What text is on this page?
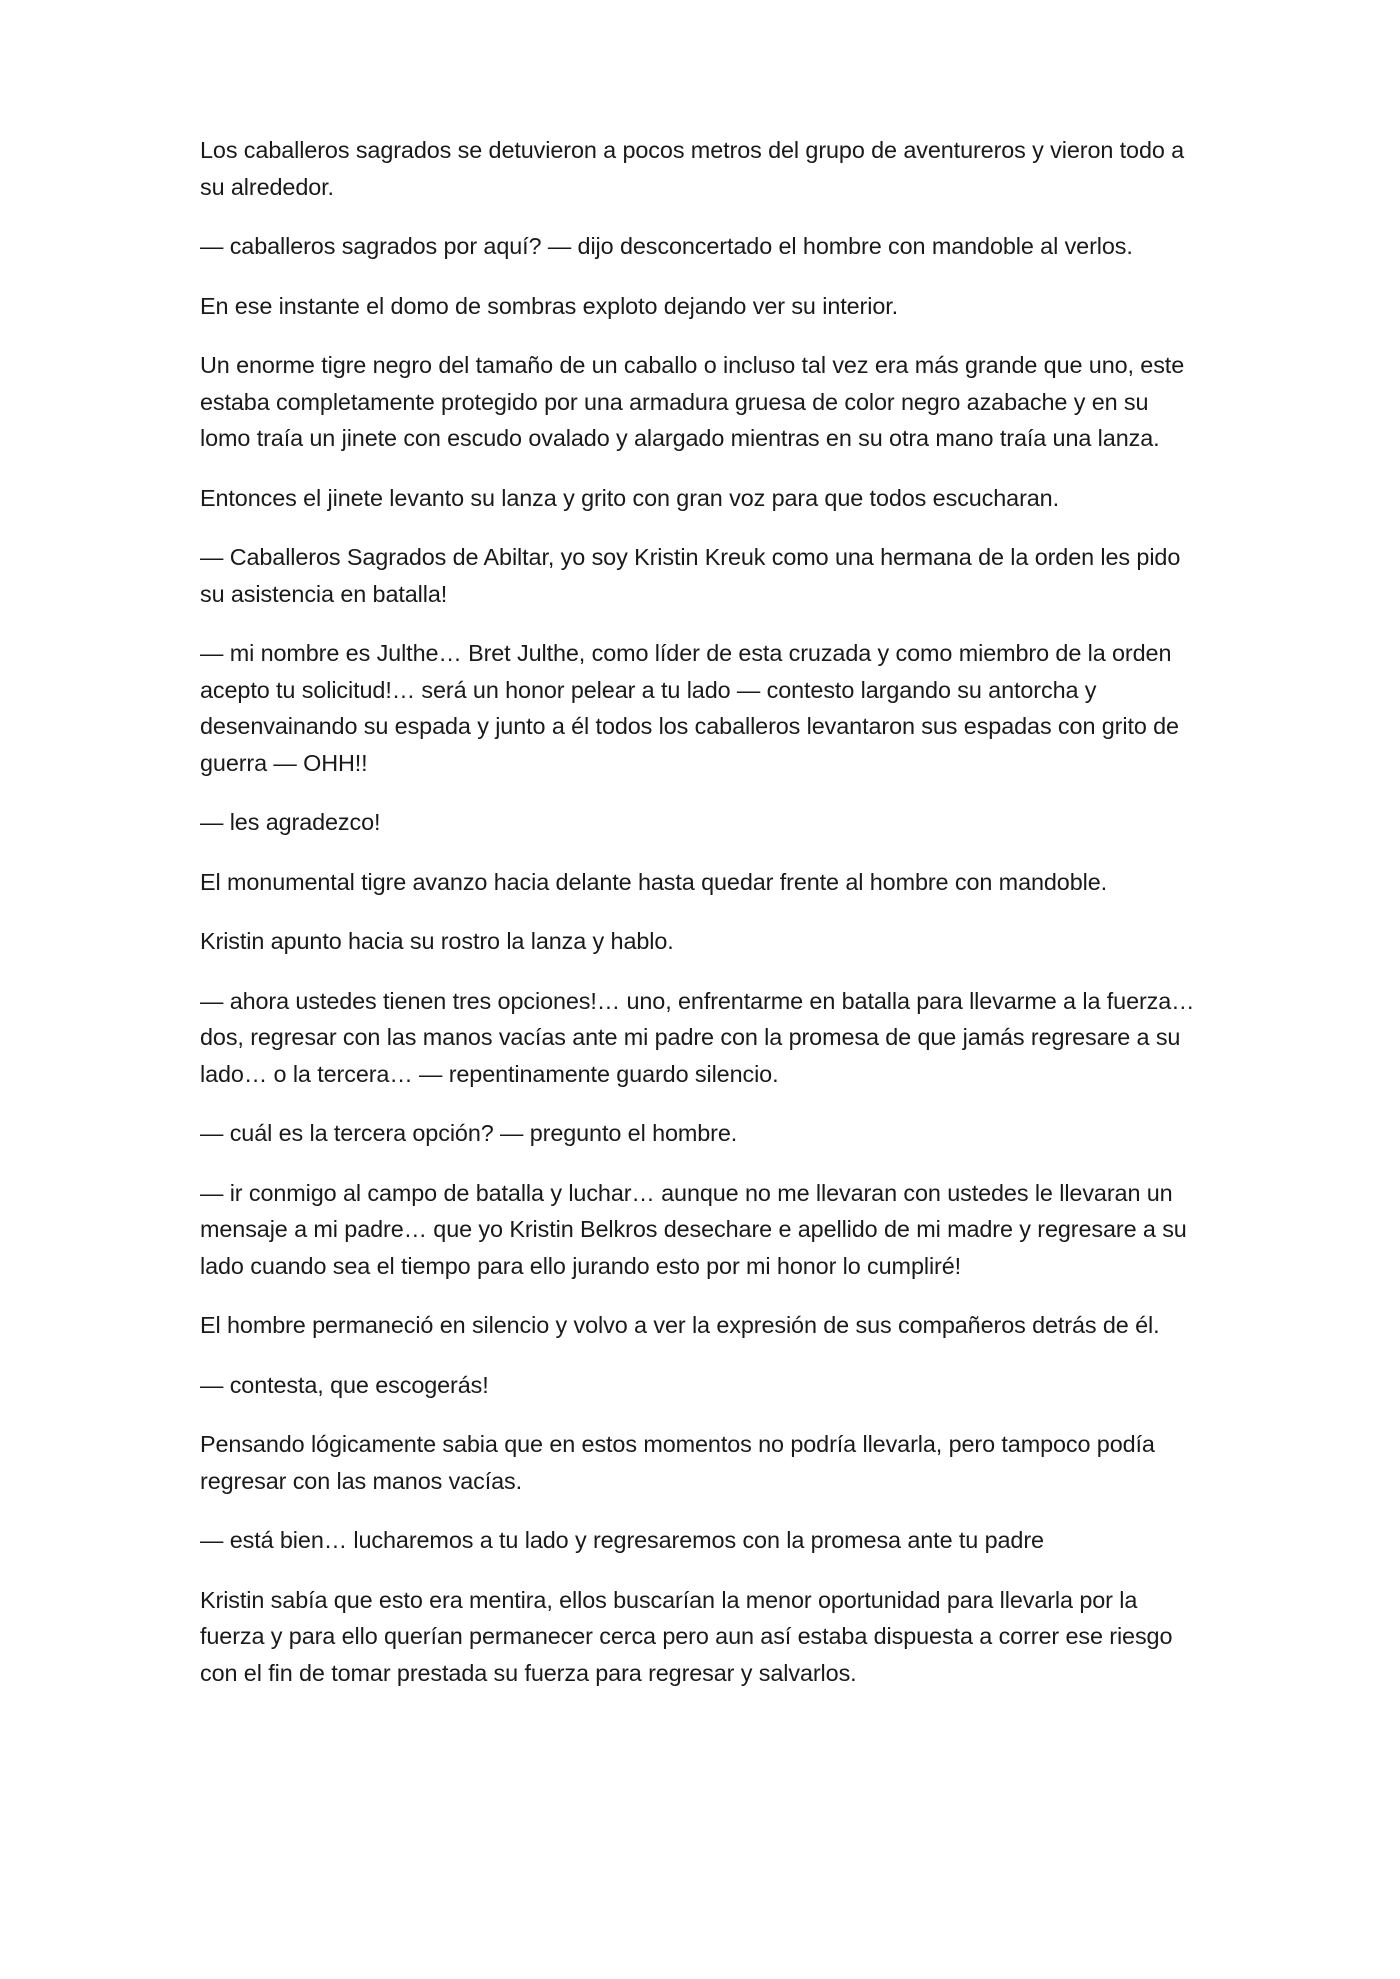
Los caballeros sagrados se detuvieron a pocos metros del grupo de aventureros y vieron todo a su alrededor.

— caballeros sagrados por aquí? — dijo desconcertado el hombre con mandoble al verlos.

En ese instante el domo de sombras exploto dejando ver su interior.

Un enorme tigre negro del tamaño de un caballo o incluso tal vez era más grande que uno, este estaba completamente protegido por una armadura gruesa de color negro azabache y en su lomo traía un jinete con escudo ovalado y alargado mientras en su otra mano traía una lanza.

Entonces el jinete levanto su lanza y grito con gran voz para que todos escucharan.

— Caballeros Sagrados de Abiltar, yo soy Kristin Kreuk como una hermana de la orden les pido su asistencia en batalla!

— mi nombre es Julthe… Bret Julthe, como líder de esta cruzada y como miembro de la orden acepto tu solicitud!… será un honor pelear a tu lado — contesto largando su antorcha y desenvainando su espada y junto a él todos los caballeros levantaron sus espadas con grito de guerra — OHH!!

— les agradezco!

El monumental tigre avanzo hacia delante hasta quedar frente al hombre con mandoble.

Kristin apunto hacia su rostro la lanza y hablo.

— ahora ustedes tienen tres opciones!… uno, enfrentarme en batalla para llevarme a la fuerza… dos, regresar con las manos vacías ante mi padre con la promesa de que jamás regresare a su lado… o la tercera… — repentinamente guardo silencio.

— cuál es la tercera opción? — pregunto el hombre.

— ir conmigo al campo de batalla y luchar… aunque no me llevaran con ustedes le llevaran un mensaje a mi padre… que yo Kristin Belkros desechare e apellido de mi madre y regresare a su lado cuando sea el tiempo para ello jurando esto por mi honor lo cumpliré!

El hombre permaneció en silencio y volvo a ver la expresión de sus compañeros detrás de él.

— contesta, que escogerás!

Pensando lógicamente sabia que en estos momentos no podría llevarla, pero tampoco podía regresar con las manos vacías.

— está bien… lucharemos a tu lado y regresaremos con la promesa ante tu padre

Kristin sabía que esto era mentira, ellos buscarían la menor oportunidad para llevarla por la fuerza y para ello querían permanecer cerca pero aun así estaba dispuesta a correr ese riesgo con el fin de tomar prestada su fuerza para regresar y salvarlos.
